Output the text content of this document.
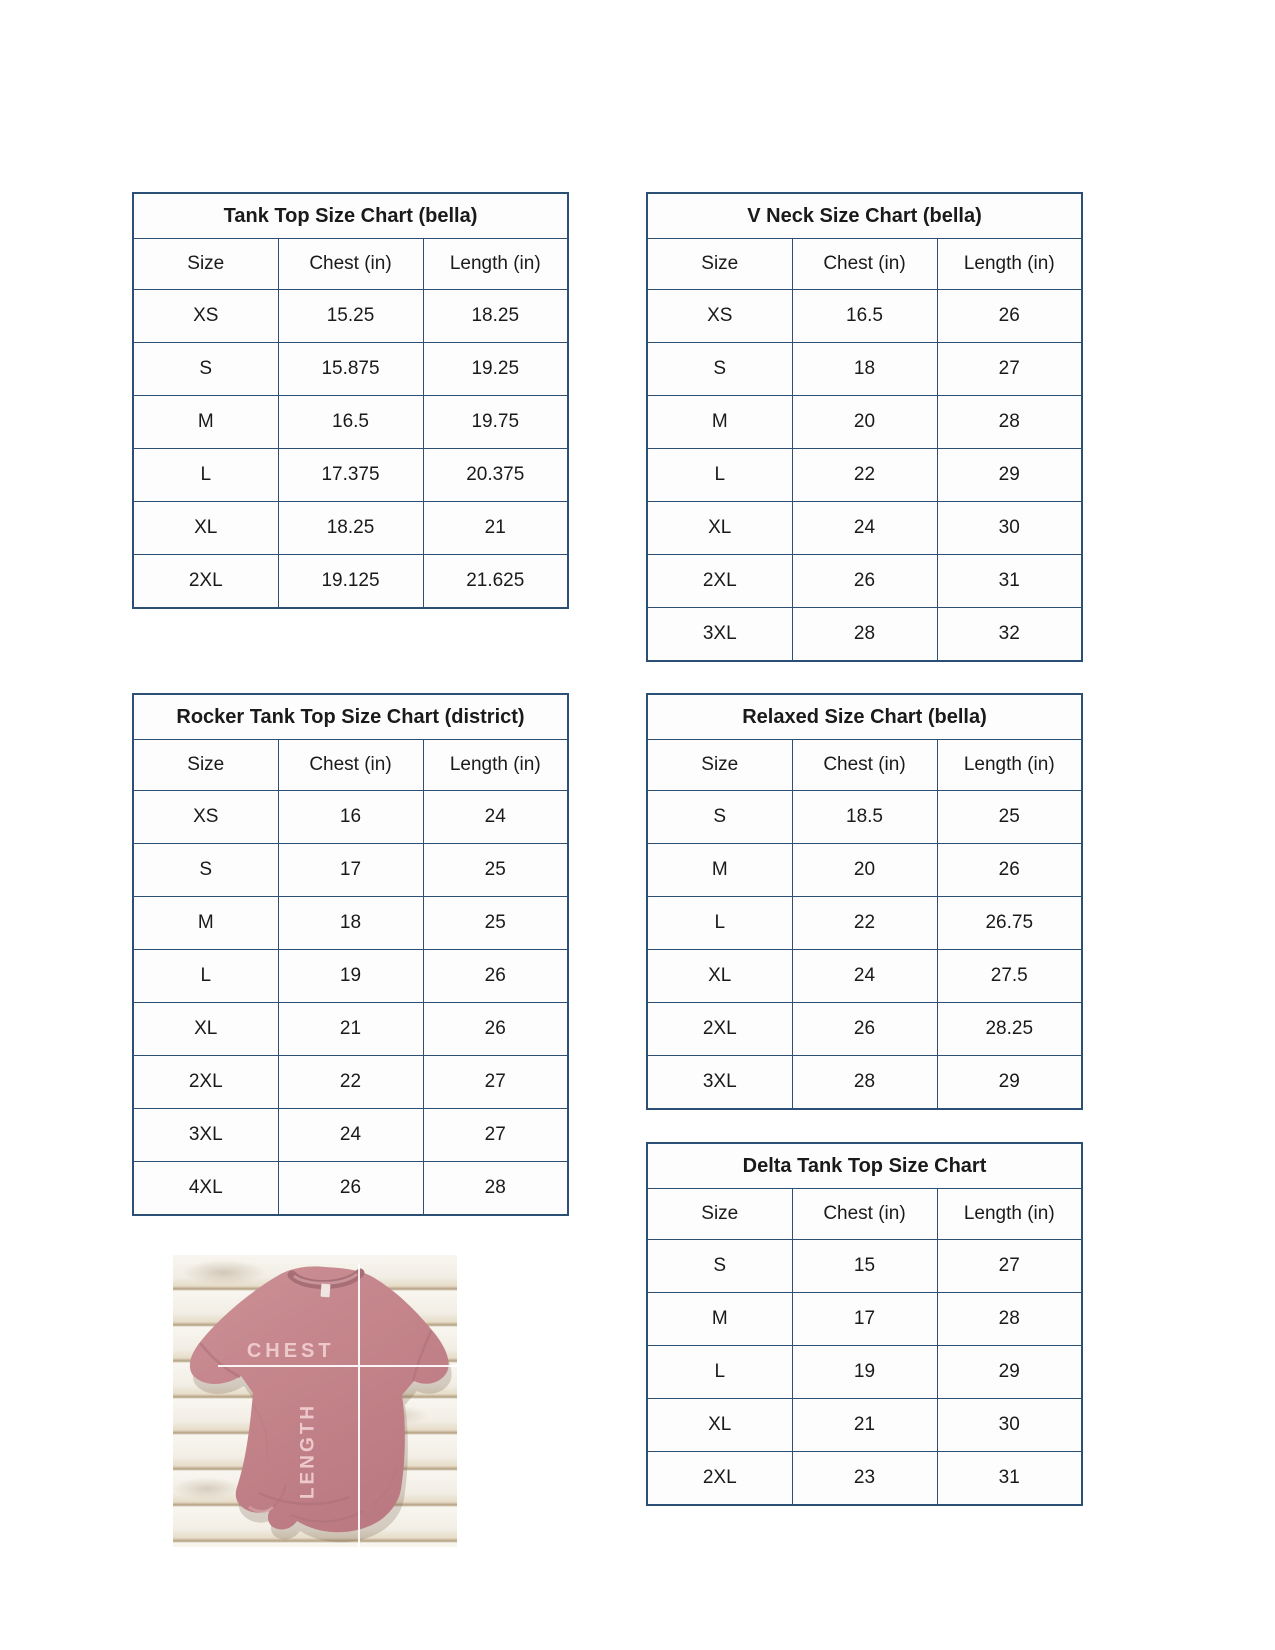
Tank Top Size Chart (bella)		
Size	Chest (in)	Length (in)
XS	15.25	18.25
S	15.875	19.25
M	16.5	19.75
L	17.375	20.375
XL	18.25	21
2XL	19.125	21.625
V Neck Size Chart (bella)		
Size	Chest (in)	Length (in)
XS	16.5	26
S	18	27
M	20	28
L	22	29
XL	24	30
2XL	26	31
3XL	28	32
Rocker Tank Top Size Chart (district)		
Size	Chest (in)	Length (in)
XS	16	24
S	17	25
M	18	25
L	19	26
XL	21	26
2XL	22	27
3XL	24	27
4XL	26	28
Relaxed Size Chart (bella)		
Size	Chest (in)	Length (in)
S	18.5	25
M	20	26
L	22	26.75
XL	24	27.5
2XL	26	28.25
3XL	28	29
Delta Tank Top Size Chart		
Size	Chest (in)	Length (in)
S	15	27
M	17	28
L	19	29
XL	21	30
2XL	23	31
CHEST
LENGTH
